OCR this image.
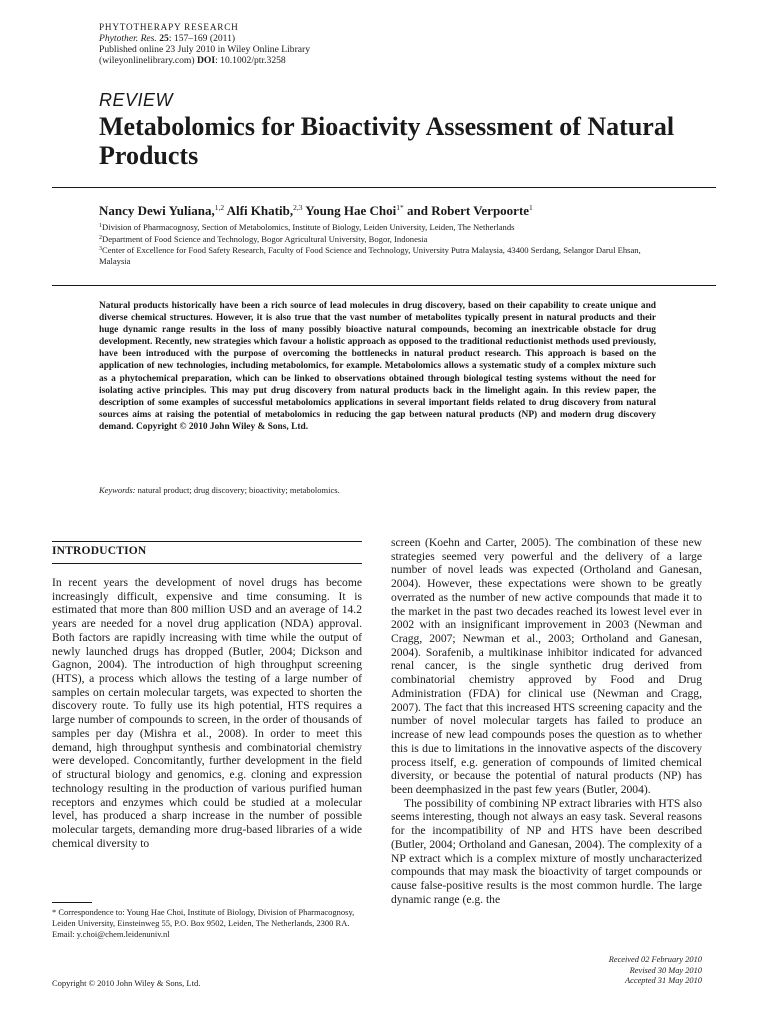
PHYTOTHERAPY RESEARCH
Phytother. Res. 25: 157–169 (2011)
Published online 23 July 2010 in Wiley Online Library
(wileyonlinelibrary.com) DOI: 10.1002/ptr.3258
REVIEW
Metabolomics for Bioactivity Assessment of Natural Products
Nancy Dewi Yuliana,$^{1,2}$ Alfi Khatib,$^{2,3}$ Young Hae Choi$^{1*}$ and Robert Verpoorte$^1$
$^1$Division of Pharmacognosy, Section of Metabolomics, Institute of Biology, Leiden University, Leiden, The Netherlands
$^2$Department of Food Science and Technology, Bogor Agricultural University, Bogor, Indonesia
$^3$Center of Excellence for Food Safety Research, Faculty of Food Science and Technology, University Putra Malaysia, 43400 Serdang, Selangor Darul Ehsan, Malaysia
Natural products historically have been a rich source of lead molecules in drug discovery, based on their capability to create unique and diverse chemical structures. However, it is also true that the vast number of metabolites typically present in natural products and their huge dynamic range results in the loss of many possibly bioactive natural compounds, becoming an inextricable obstacle for drug development. Recently, new strategies which favour a holistic approach as opposed to the traditional reductionist methods used previously, have been introduced with the purpose of overcoming the bottlenecks in natural product research. This approach is based on the application of new technologies, including metabolomics, for example. Metabolomics allows a systematic study of a complex mixture such as a phytochemical preparation, which can be linked to observations obtained through biological testing systems without the need for isolating active principles. This may put drug discovery from natural products back in the limelight again. In this review paper, the description of some examples of successful metabolomics applications in several important fields related to drug discovery from natural sources aims at raising the potential of metabolomics in reducing the gap between natural products (NP) and modern drug discovery demand. Copyright © 2010 John Wiley & Sons, Ltd.
Keywords: natural product; drug discovery; bioactivity; metabolomics.
INTRODUCTION

In recent years the development of novel drugs has become increasingly difficult, expensive and time consuming. It is estimated that more than 800 million USD and an average of 14.2 years are needed for a novel drug application (NDA) approval. Both factors are rapidly increasing with time while the output of newly launched drugs has dropped (Butler, 2004; Dickson and Gagnon, 2004). The introduction of high throughput screening (HTS), a process which allows the testing of a large number of samples on certain molecular targets, was expected to shorten the discovery route. To fully use its high potential, HTS requires a large number of compounds to screen, in the order of thousands of samples per day (Mishra et al., 2008). In order to meet this demand, high throughput synthesis and combinatorial chemistry were developed. Concomitantly, further development in the field of structural biology and genomics, e.g. cloning and expression technology resulting in the production of various purified human receptors and enzymes which could be studied at a molecular level, has produced a sharp increase in the number of possible molecular targets, demanding more drug-based libraries of a wide chemical diversity to

screen (Koehn and Carter, 2005). The combination of these new strategies seemed very powerful and the delivery of a large number of novel leads was expected (Ortholand and Ganesan, 2004). However, these expectations were shown to be greatly overrated as the number of new active compounds that made it to the market in the past two decades reached its lowest level ever in 2002 with an insignificant improvement in 2003 (Newman and Cragg, 2007; Newman et al., 2003; Ortholand and Ganesan, 2004). Sorafenib, a multikinase inhibitor indicated for advanced renal cancer, is the single synthetic drug derived from combinatorial chemistry approved by Food and Drug Administration (FDA) for clinical use (Newman and Cragg, 2007). The fact that this increased HTS screening capacity and the number of novel molecular targets has failed to produce an increase of new lead compounds poses the question as to whether this is due to limitations in the innovative aspects of the discovery process itself, e.g. generation of compounds of limited chemical diversity, or because the potential of natural products (NP) has been deemphasized in the past few years (Butler, 2004).

The possibility of combining NP extract libraries with HTS also seems interesting, though not always an easy task. Several reasons for the incompatibility of NP and HTS have been described (Butler, 2004; Ortholand and Ganesan, 2004). The complexity of a NP extract which is a complex mixture of mostly uncharacterized compounds that may mask the bioactivity of target compounds or cause false-positive results is the most common hurdle. The large dynamic range (e.g. the

* Correspondence to: Young Hae Choi, Institute of Biology, Division of Pharmacognosy, Leiden University, Einsteinweg 55, P.O. Box 9502, Leiden, The Netherlands, 2300 RA. Email: y.choi@chem.leidenuniv.nl
Received 02 February 2010
Revised 30 May 2010
Accepted 31 May 2010
Copyright © 2010 John Wiley & Sons, Ltd.
